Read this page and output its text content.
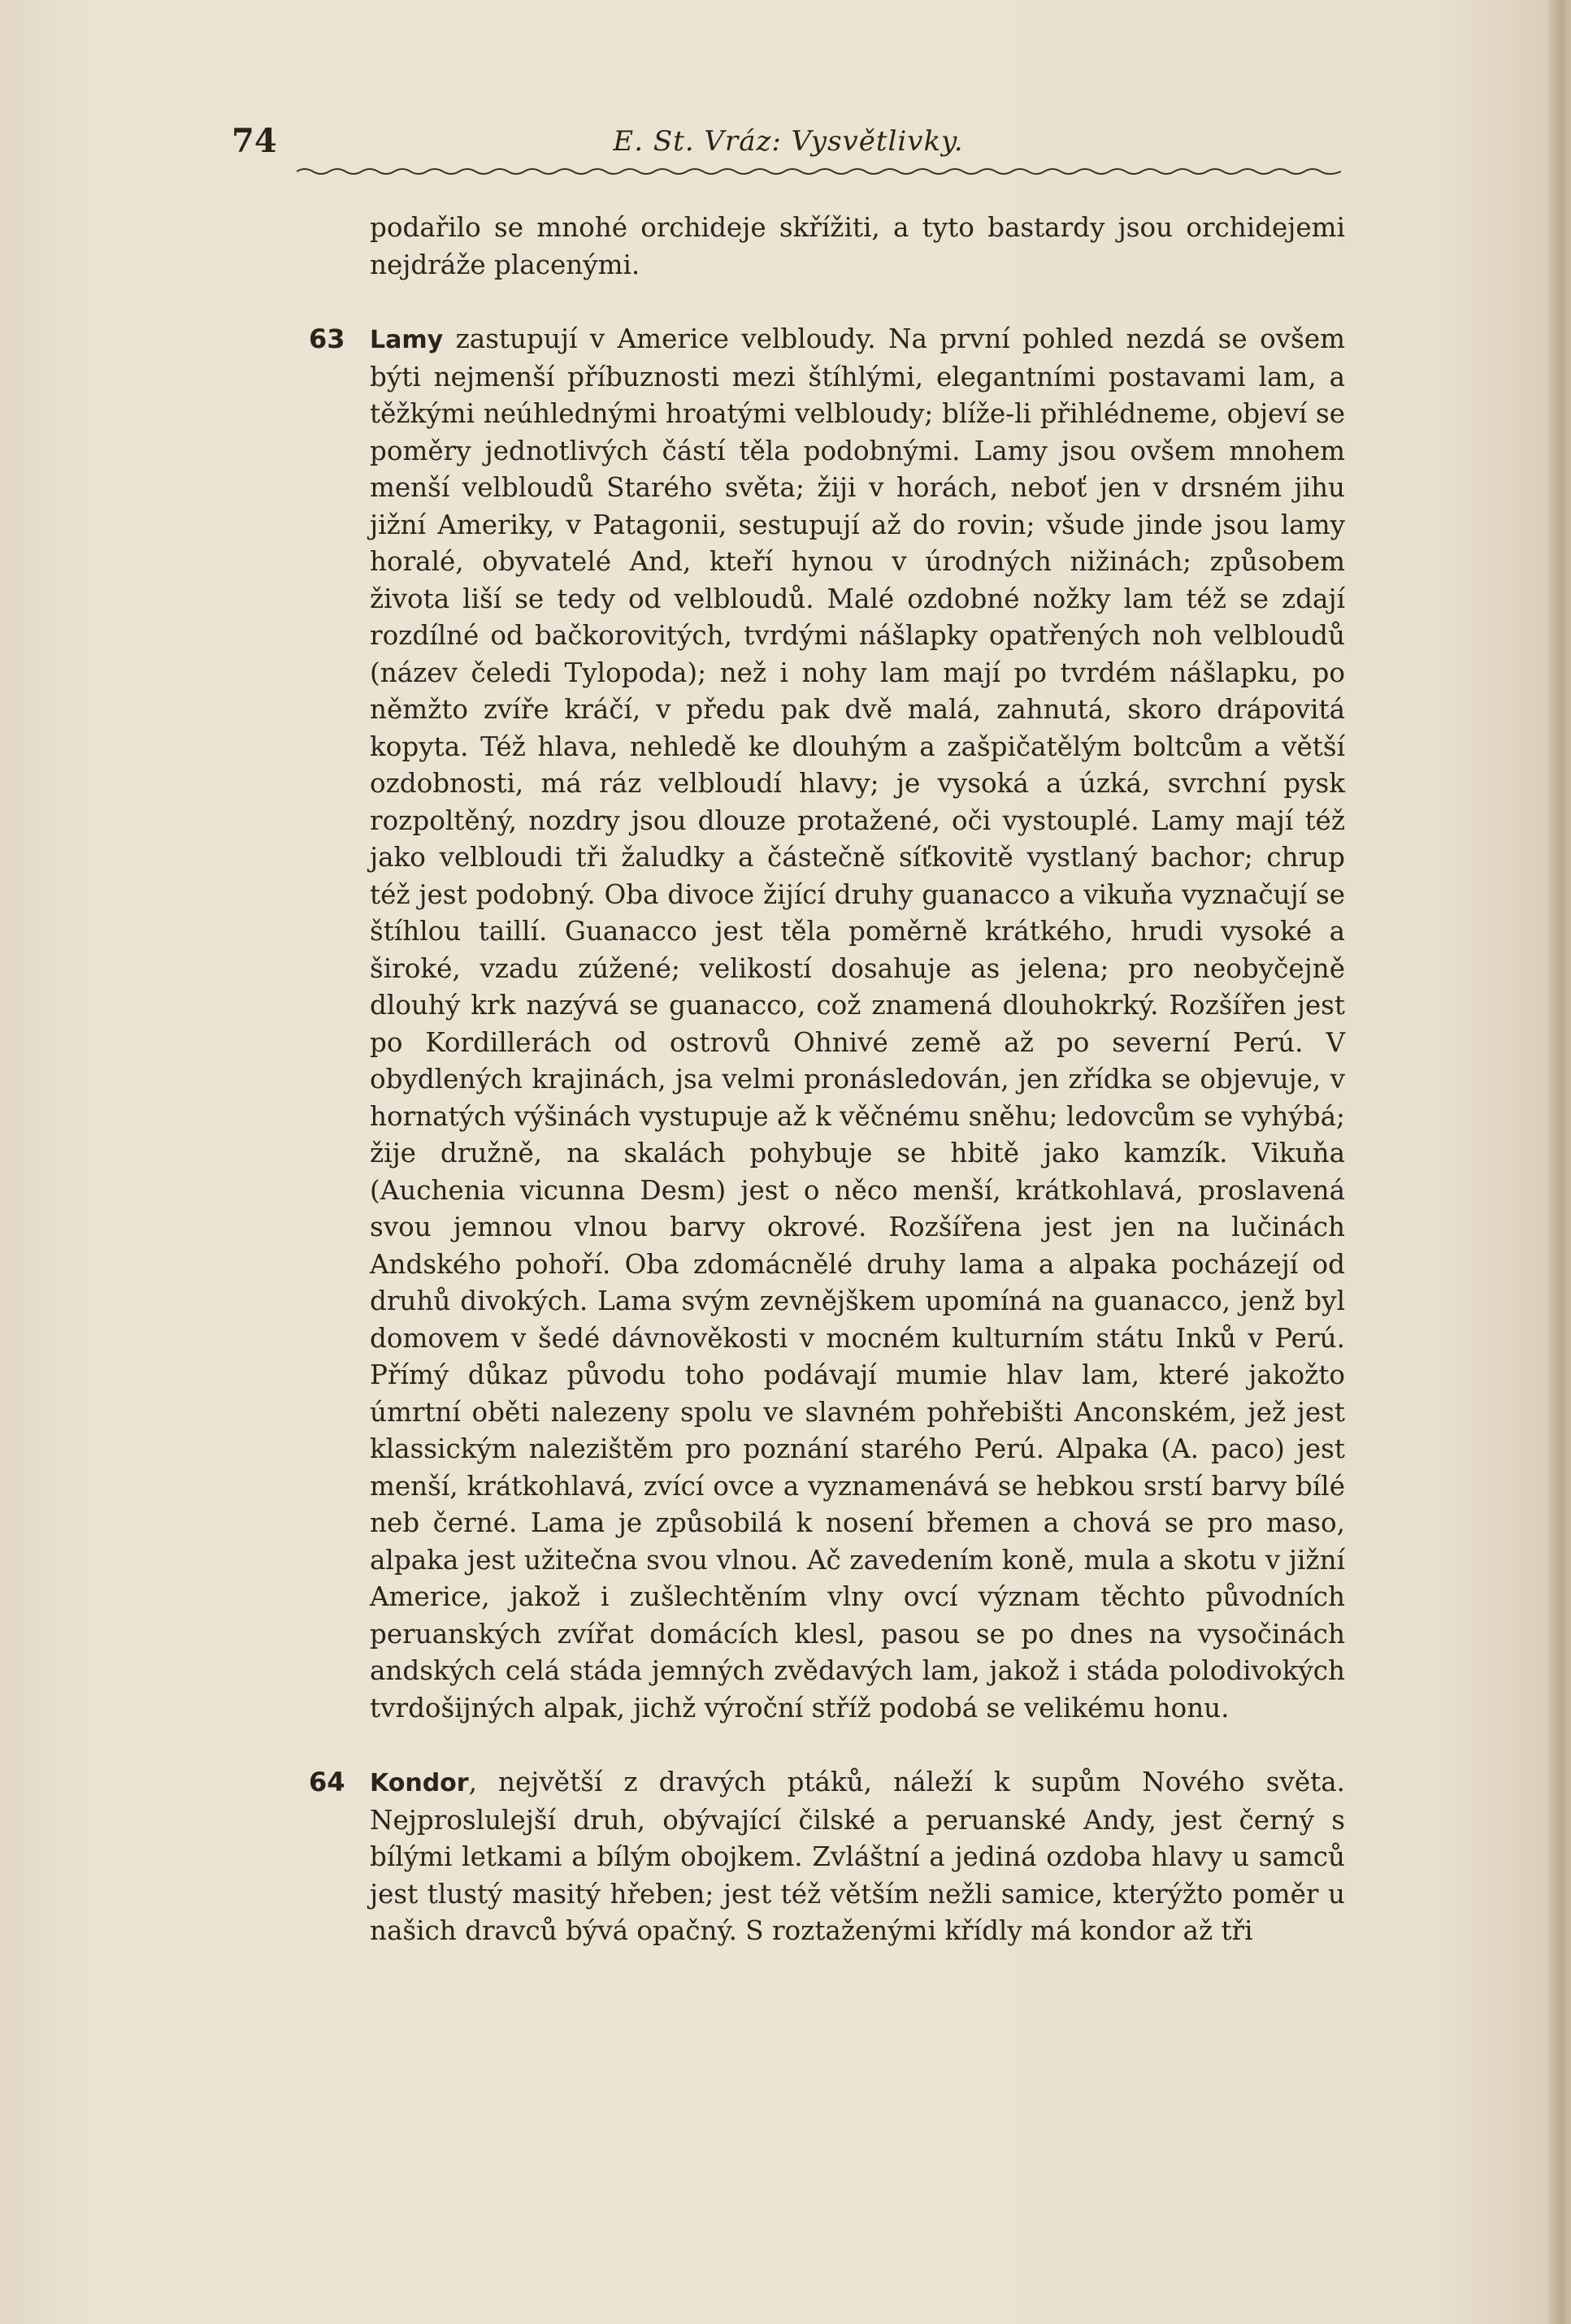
74	E. St. Vráz: Vysvětlivky.

podařilo se mnohé orchideje skřížiti, a tyto bastardy jsou orchidejemi nejdráže placenými.

63 Lamy zastupují v Americe velbloudy. Na první pohled nezdá se ovšem býti nejmenší příbuznosti mezi štíhlými, elegantními postavami lam, a těžkými neúhlednými hroatými velbloudy; blíže-li přihlédneme, objeví se poměry jednotlivých částí těla podobnými. Lamy jsou ovšem mnohem menší velbloudů Starého světa; žiji v horách, neboť jen v drsném jihu jižní Ameriky, v Patagonii, sestupují až do rovin; všude jinde jsou lamy horalé, obyvatelé And, kteří hynou v úrodných nižinách; způsobem života liší se tedy od velbloudů. Malé ozdobné nožky lam též se zdají rozdílné od bačkorovitých, tvrdými nášlapky opatřených noh velbloudů (název čeledi Tylopoda); než i nohy lam mají po tvrdém nášlapku, po němžto zvíře kráčí, v předu pak dvě malá, zahnutá, skoro drápovitá kopyta. Též hlava, nehledě ke dlouhým a zašpičatělým boltcům a větší ozdobnosti, má ráz velbloudí hlavy; je vysoká a úzká, svrchní pysk rozpoltěný, nozdry jsou dlouze protažené, oči vystouplé. Lamy mají též jako velbloudi tři žaludky a částečně síťkovitě vystlaný bachor; chrup též jest podobný. Oba divoce žijící druhy guanacco a vikuňa vyznačují se štíhlou taillí. Guanacco jest těla poměrně krátkého, hrudi vysoké a široké, vzadu zúžené; velikostí dosahuje as jelena; pro neobyčejně dlouhý krk nazývá se guanacco, což znamená dlouhokrký. Rozšířen jest po Kordillerách od ostrovů Ohnivé země až po severní Perú. V obydlených krajinách, jsa velmi pronásledován, jen zřídka se objevuje, v hornatých výšinách vystupuje až k věčnému sněhu; ledovcům se vyhýbá; žije družně, na skalách pohybuje se hbitě jako kamzík. Vikuňa (Auchenia vicunna Desm) jest o něco menší, krátkohlavá, proslavená svou jemnou vlnou barvy okrové. Rozšířena jest jen na lučinách Andského pohoří. Oba zdomácnělé druhy lama a alpaka pocházejí od druhů divokých. Lama svým zevnějškem upomíná na guanacco, jenž byl domovem v šedé dávnověkosti v mocném kulturním státu Inků v Perú. Přímý důkaz původu toho podávají mumie hlav lam, které jakožto úmrtní oběti nalezeny spolu ve slavném pohřebišti Anconském, jež jest klassickým nalezištěm pro poznání starého Perú. Alpaka (A. paco) jest menší, krátkohlavá, zvící ovce a vyznamenává se hebkou srstí barvy bílé neb černé. Lama je způsobilá k nosení břemen a chová se pro maso, alpaka jest užitečna svou vlnou. Ač zavedením koně, mula a skotu v jižní Americe, jakož i zušlechtěním vlny ovcí význam těchto původních peruanských zvířat domácích klesl, pasou se po dnes na vysočinách andských celá stáda jemných zvědavých lam, jakož i stáda polodivokých tvrdošijných alpak, jichž výroční stříž podobá se velikému honu.

64 Kondor, největší z dravých ptáků, náleží k supům Nového světa. Nejproslulejší druh, obývající čilské a peruanské Andy, jest černý s bílými letkami a bílým obojkem. Zvláštní a jediná ozdoba hlavy u samců jest tlustý masitý hřeben; jest též větším nežli samice, kterýžto poměr u našich dravců bývá opačný. S roztaženými křídly má kondor až tři
